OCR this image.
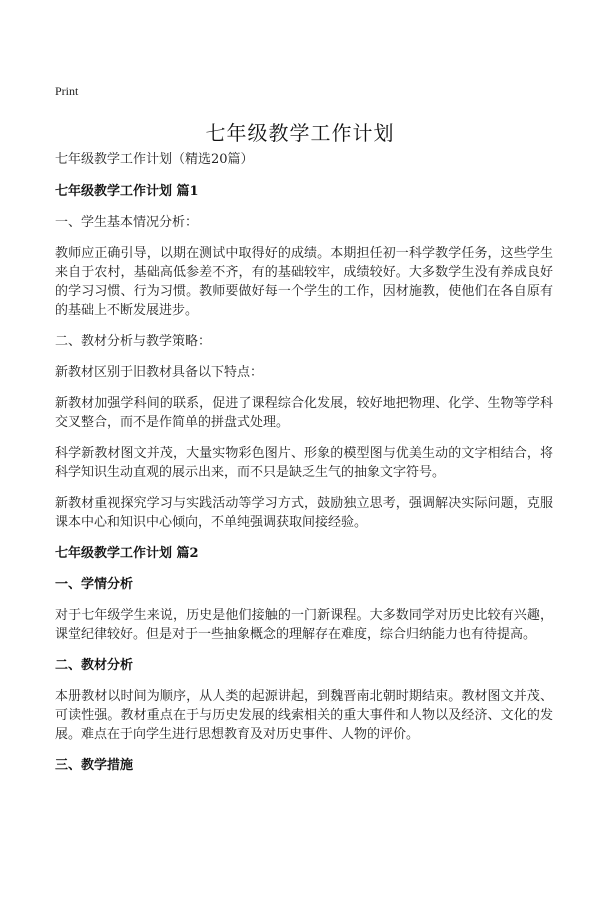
Print
七年级教学工作计划

七年级教学工作计划（精选20篇）

七年级教学工作计划 篇1

一、学生基本情况分析：

教师应正确引导，以期在测试中取得好的成绩。本期担任初一科学教学任务，这些学生来自于农村，基础高低参差不齐，有的基础较牢，成绩较好。大多数学生没有养成良好的学习习惯、行为习惯。教师要做好每一个学生的工作，因材施教，使他们在各自原有的基础上不断发展进步。

二、教材分析与教学策略：

新教材区别于旧教材具备以下特点：

新教材加强学科间的联系，促进了课程综合化发展，较好地把物理、化学、生物等学科交叉整合，而不是作简单的拼盘式处理。

科学新教材图文并茂，大量实物彩色图片、形象的模型图与优美生动的文字相结合，将科学知识生动直观的展示出来，而不只是缺乏生气的抽象文字符号。

新教材重视探究学习与实践活动等学习方式，鼓励独立思考，强调解决实际问题，克服课本中心和知识中心倾向，不单纯强调获取间接经验。

七年级教学工作计划 篇2

一、学情分析

对于七年级学生来说，历史是他们接触的一门新课程。大多数同学对历史比较有兴趣，课堂纪律较好。但是对于一些抽象概念的理解存在难度，综合归纳能力也有待提高。

二、教材分析

本册教材以时间为顺序，从人类的起源讲起，到魏晋南北朝时期结束。教材图文并茂、可读性强。教材重点在于与历史发展的线索相关的重大事件和人物以及经济、文化的发展。难点在于向学生进行思想教育及对历史事件、人物的评价。

三、教学措施
